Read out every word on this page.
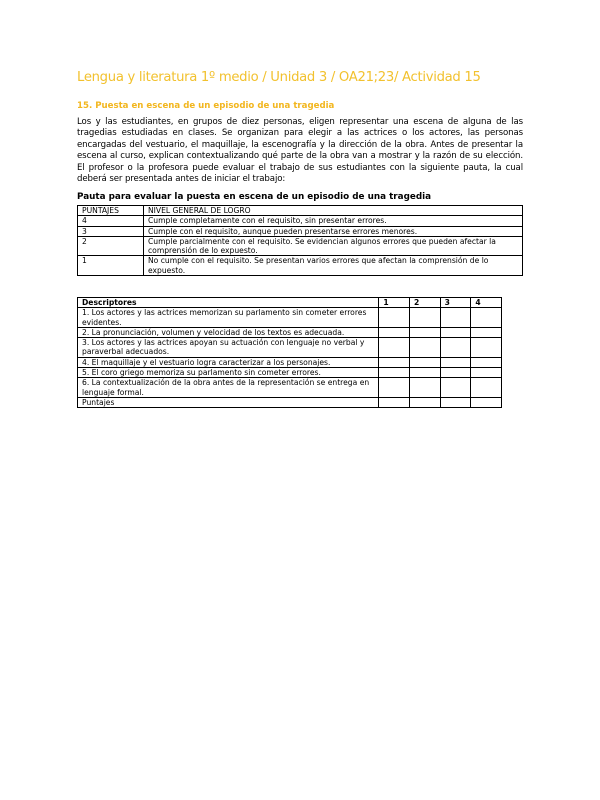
Lengua y literatura 1º medio / Unidad 3 / OA21;23/ Actividad 15
15. Puesta en escena de un episodio de una tragedia
Los y las estudiantes, en grupos de diez personas, eligen representar una escena de alguna de las tragedias estudiadas en clases. Se organizan para elegir a las actrices o los actores, las personas encargadas del vestuario, el maquillaje, la escenografía y la dirección de la obra. Antes de presentar la escena al curso, explican contextualizando qué parte de la obra van a mostrar y la razón de su elección. El profesor o la profesora puede evaluar el trabajo de sus estudiantes con la siguiente pauta, la cual deberá ser presentada antes de iniciar el trabajo:
Pauta para evaluar la puesta en escena de un episodio de una tragedia
PUNTAJES	NIVEL GENERAL DE LOGRO
4	Cumple completamente con el requisito, sin presentar errores.
3	Cumple con el requisito, aunque pueden presentarse errores menores.
2	Cumple parcialmente con el requisito. Se evidencian algunos errores que pueden afectar la comprensión de lo expuesto.
1	No cumple con el requisito. Se presentan varios errores que afectan la comprensión de lo expuesto.
Descriptores	1	2	3	4
1. Los actores y las actrices memorizan su parlamento sin cometer errores evidentes.				
2. La pronunciación, volumen y velocidad de los textos es adecuada.				
3. Los actores y las actrices apoyan su actuación con lenguaje no verbal y paraverbal adecuados.				
4. El maquillaje y el vestuario logra caracterizar a los personajes.				
5. El coro griego memoriza su parlamento sin cometer errores.				
6. La contextualización de la obra antes de la representación se entrega en lenguaje formal.				
Puntajes				
